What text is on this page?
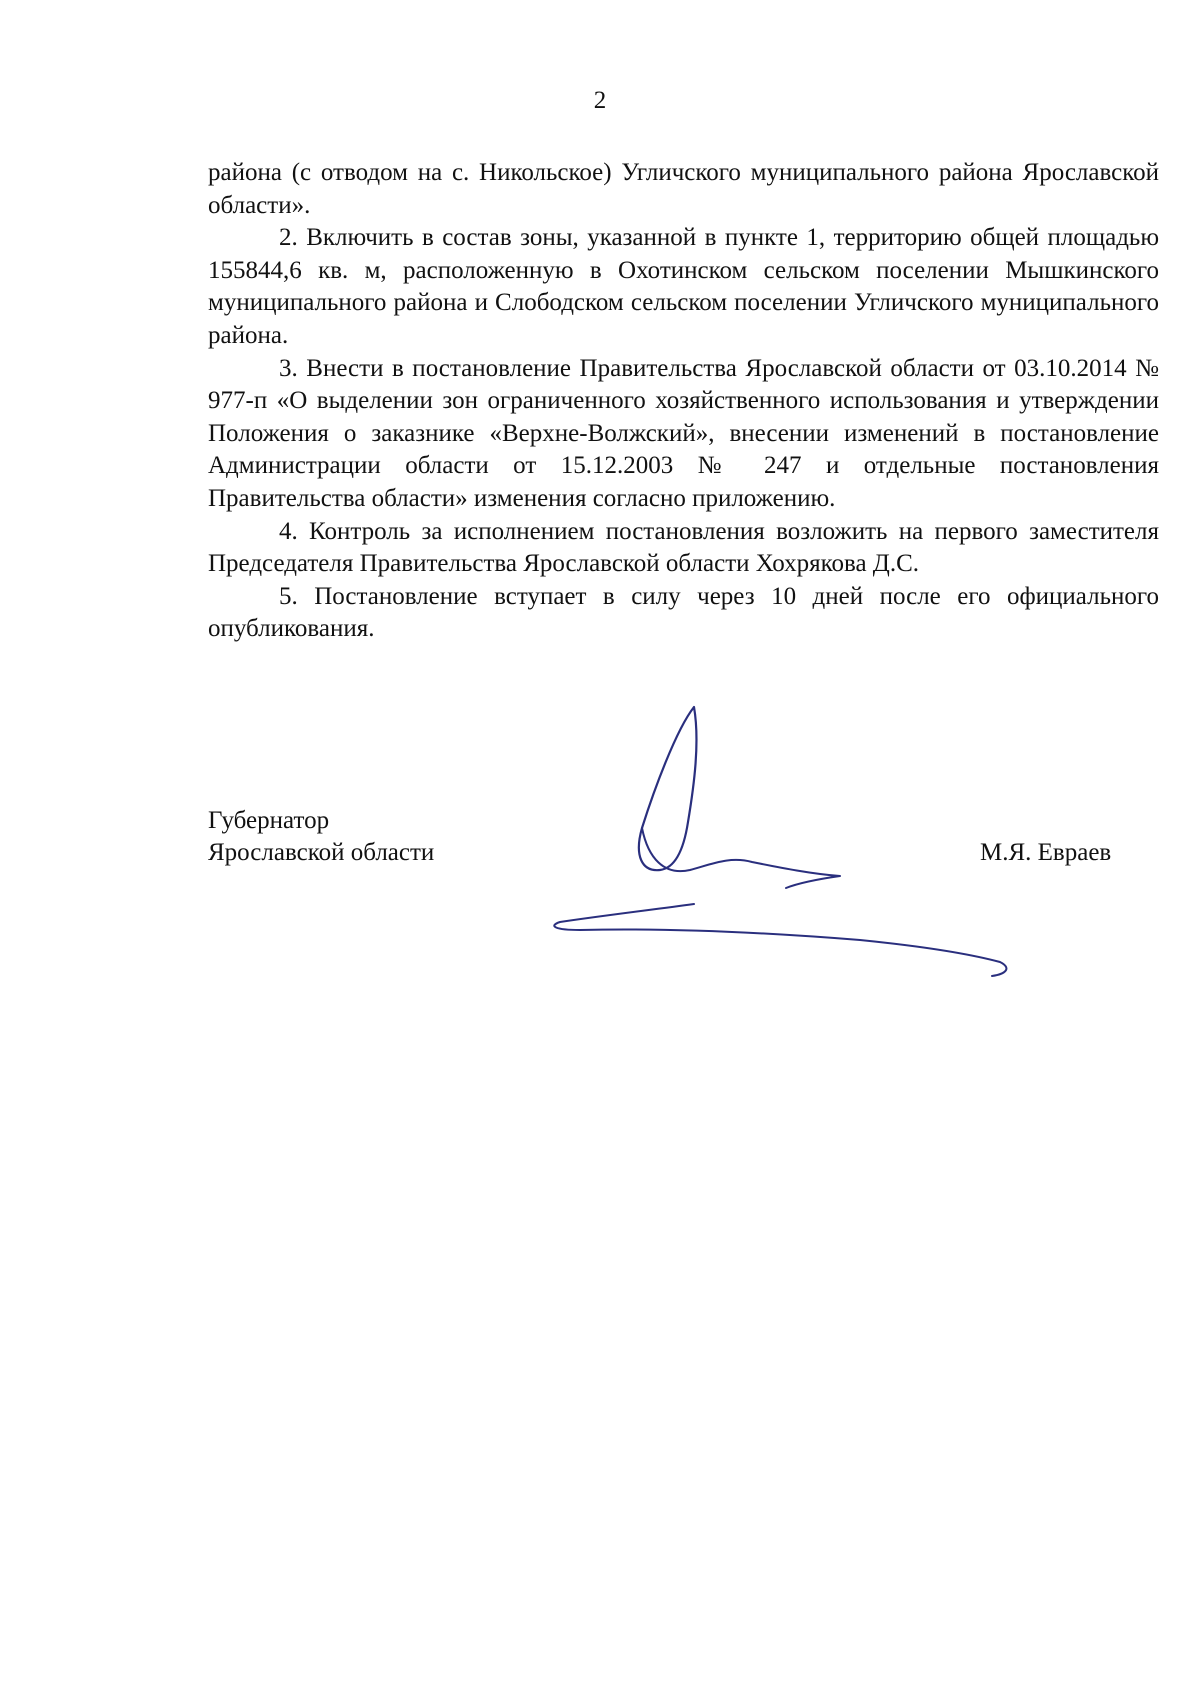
2

района (с отводом на с. Никольское) Угличского муниципального района Ярославской области».

2. Включить в состав зоны, указанной в пункте 1, территорию общей площадью 155844,6 кв. м, расположенную в Охотинском сельском поселении Мышкинского муниципального района и Слободском сельском поселении Угличского муниципального района.

3. Внести в постановление Правительства Ярославской области от 03.10.2014 № 977-п «О выделении зон ограниченного хозяйственного использования и утверждении Положения о заказнике «Верхне-Волжский», внесении изменений в постановление Администрации области от 15.12.2003 № 247 и отдельные постановления Правительства области» изменения согласно приложению.

4. Контроль за исполнением постановления возложить на первого заместителя Председателя Правительства Ярославской области Хохрякова Д.С.

5. Постановление вступает в силу через 10 дней после его официального опубликования.

Губернатор
Ярославской области	М.Я. Евраев
